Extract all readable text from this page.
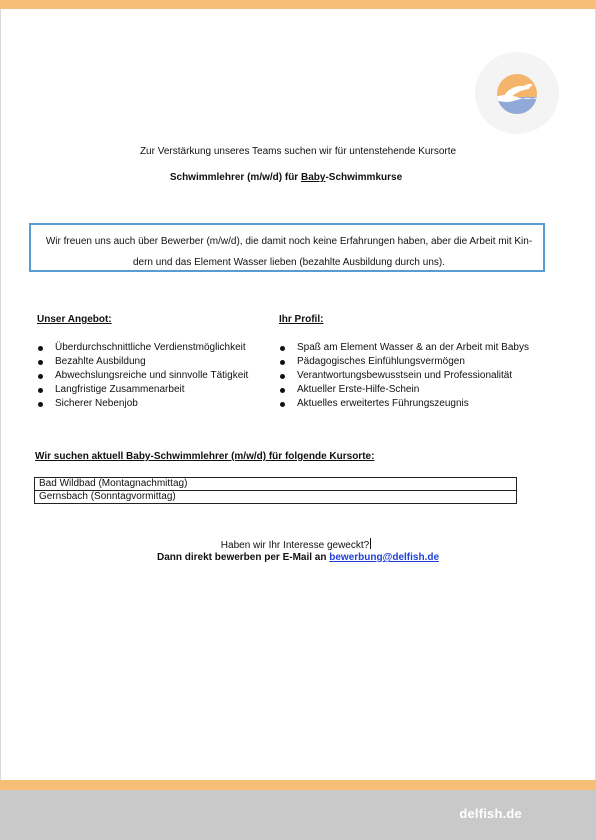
Zur Verstärkung unseres Teams suchen wir für untenstehende Kursorte
Schwimmlehrer (m/w/d) für Baby-Schwimmkurse
Wir freuen uns auch über Bewerber (m/w/d), die damit noch keine Erfahrungen haben, aber die Arbeit mit Kin-dern und das Element Wasser lieben (bezahlte Ausbildung durch uns).
Unser Angebot:
Überdurchschnittliche Verdienstmöglichkeit
Bezahlte Ausbildung
Abwechslungsreiche und sinnvolle Tätigkeit
Langfristige Zusammenarbeit
Sicherer Nebenjob
Ihr Profil:
Spaß am Element Wasser & an der Arbeit mit Babys
Pädagogisches Einfühlungsvermögen
Verantwortungsbewusstsein und Professionalität
Aktueller Erste-Hilfe-Schein
Aktuelles erweitertes Führungszeugnis
Wir suchen aktuell Baby-Schwimmlehrer (m/w/d) für folgende Kursorte:
Bad Wildbad (Montagnachmittag)
Gernsbach (Sonntagvormittag)
Haben wir Ihr Interesse geweckt?
Dann direkt bewerben per E-Mail an bewerbung@delfish.de
delfish.de
